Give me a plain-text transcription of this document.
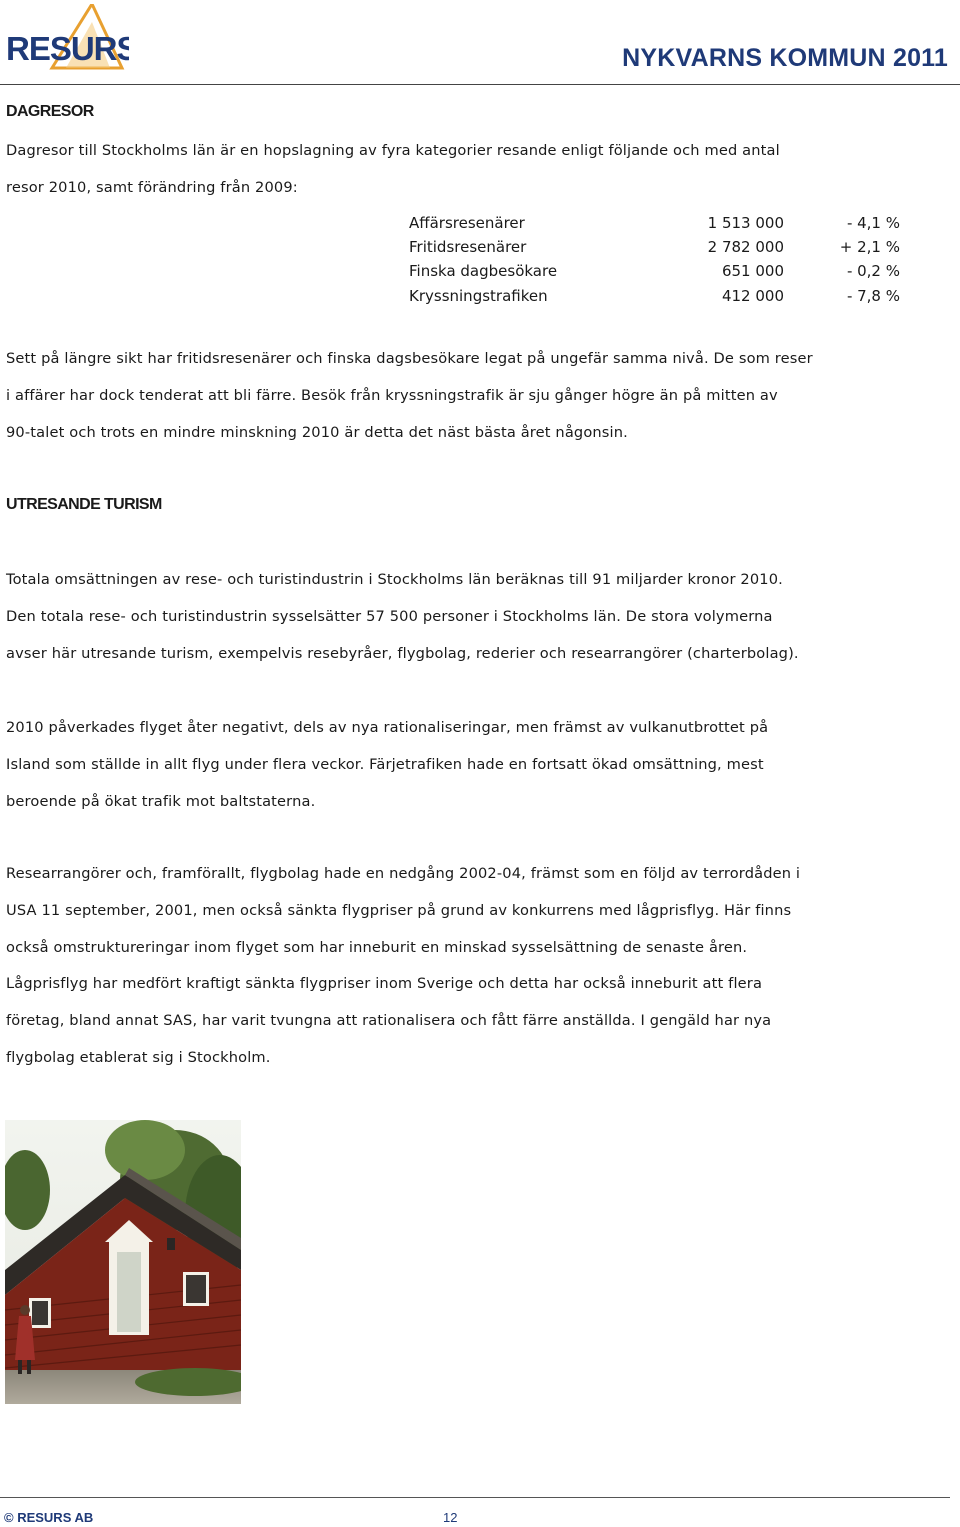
RESURS	NYKVARNS KOMMUN 2011
DAGRESOR

Dagresor till Stockholms län är en hopslagning av fyra kategorier resande enligt följande och med antal
resor 2010, samt förändring från 2009:

Affärsresenärer	1 513 000	- 4,1 %
Fritidsresenärer	2 782 000	+ 2,1 %
Finska dagbesökare	651 000	- 0,2 %
Kryssningstrafiken	412 000	- 7,8 %

Sett på längre sikt har fritidsresenärer och finska dagsbesökare legat på ungefär samma nivå. De som reser
i affärer har dock tenderat att bli färre. Besök från kryssningstrafik är sju gånger högre än på mitten av
90-talet och trots en mindre minskning 2010 är detta det näst bästa året någonsin.

UTRESANDE TURISM

Totala omsättningen av rese- och turistindustrin i Stockholms län beräknas till 91 miljarder kronor 2010.
Den totala rese- och turistindustrin sysselsätter 57 500 personer i Stockholms län. De stora volymerna
avser här utresande turism, exempelvis resebyråer, flygbolag, rederier och researrangörer (charterbolag).

2010 påverkades flyget åter negativt, dels av nya rationaliseringar, men främst av vulkanutbrottet på
Island som ställde in allt flyg under flera veckor. Färjetrafiken hade en fortsatt ökad omsättning, mest
beroende på ökat trafik mot baltstaterna.

Researrangörer och, framförallt, flygbolag hade en nedgång 2002-04, främst som en följd av terrordåden i
USA 11 september, 2001, men också sänkta flygpriser på grund av konkurrens med lågprisflyg. Här finns
också omstruktureringar inom flyget som har inneburit en minskad sysselsättning de senaste åren.
Lågprisflyg har medfört kraftigt sänkta flygpriser inom Sverige och detta har också inneburit att flera
företag, bland annat SAS, har varit tvungna att rationalisera och fått färre anställda. I gengäld har nya
flygbolag etablerat sig i Stockholm.

© RESURS AB	12
